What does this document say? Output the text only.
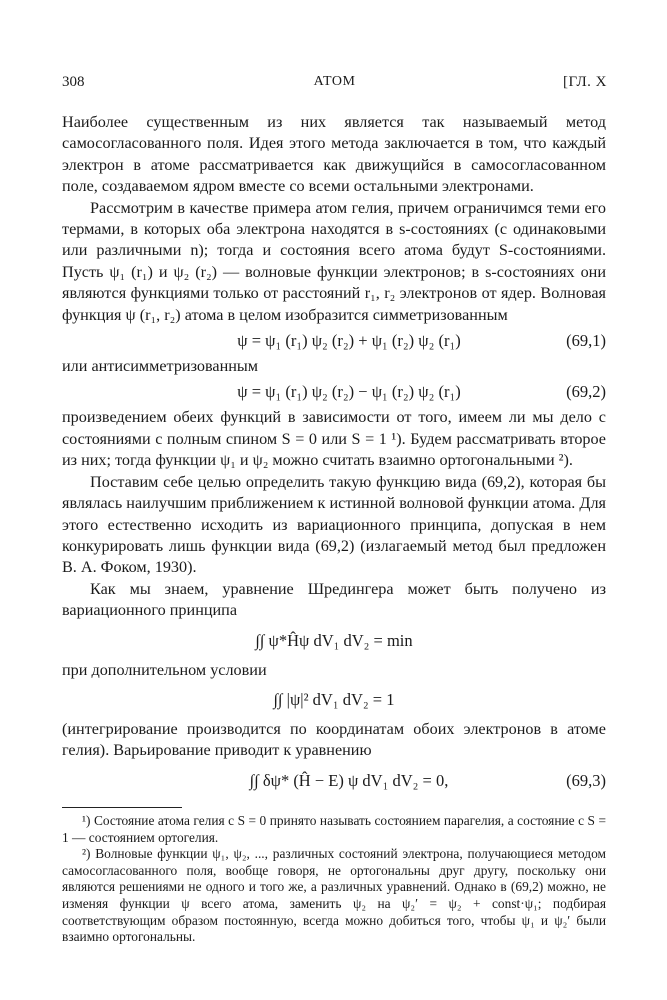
308	АТОМ	[ГЛ. X

Наиболее существенным из них является так называемый метод самосогласованного поля. Идея этого метода заключается в том, что каждый электрон в атоме рассматривается как движущийся в самосогласованном поле, создаваемом ядром вместе со всеми остальными электронами.

Рассмотрим в качестве примера атом гелия, причем ограничимся теми его термами, в которых оба электрона находятся в s-состояниях (с одинаковыми или различными n); тогда и состояния всего атома будут S-состояниями. Пусть ψ₁ (r₁) и ψ₂ (r₂) — волновые функции электронов; в s-состояниях они являются функциями только от расстояний r₁, r₂ электронов от ядер. Волновая функция ψ (r₁, r₂) атома в целом изобразится симметризованным

ψ = ψ₁ (r₁) ψ₂ (r₂) + ψ₁ (r₂) ψ₂ (r₁)	(69,1)

или антисимметризованным

ψ = ψ₁ (r₁) ψ₂ (r₂) − ψ₁ (r₂) ψ₂ (r₁)	(69,2)

произведением обеих функций в зависимости от того, имеем ли мы дело с состояниями с полным спином S = 0 или S = 1 ¹). Будем рассматривать второе из них; тогда функции ψ₁ и ψ₂ можно считать взаимно ортогональными ²).

Поставим себе целью определить такую функцию вида (69,2), которая бы являлась наилучшим приближением к истинной волновой функции атома. Для этого естественно исходить из вариационного принципа, допуская в нем конкурировать лишь функции вида (69,2) (излагаемый метод был предложен В. А. Фоком, 1930).

Как мы знаем, уравнение Шредингера может быть получено из вариационного принципа

∫∫ ψ*Ĥψ dV₁ dV₂ = min

при дополнительном условии

∫∫ |ψ|² dV₁ dV₂ = 1

(интегрирование производится по координатам обоих электронов в атоме гелия). Варьирование приводит к уравнению

∫∫ δψ* (Ĥ − E) ψ dV₁ dV₂ = 0,	(69,3)

¹) Состояние атома гелия с S = 0 принято называть состоянием парагелия, а состояние с S = 1 — состоянием ортогелия.

²) Волновые функции ψ₁, ψ₂, ..., различных состояний электрона, получающиеся методом самосогласованного поля, вообще говоря, не ортогональны друг другу, поскольку они являются решениями не одного и того же, а различных уравнений. Однако в (69,2) можно, не изменяя функции ψ всего атома, заменить ψ₂ на ψ₂′ = ψ₂ + const·ψ₁; подбирая соответствующим образом постоянную, всегда можно добиться того, чтобы ψ₁ и ψ₂′ были взаимно ортогональны.
